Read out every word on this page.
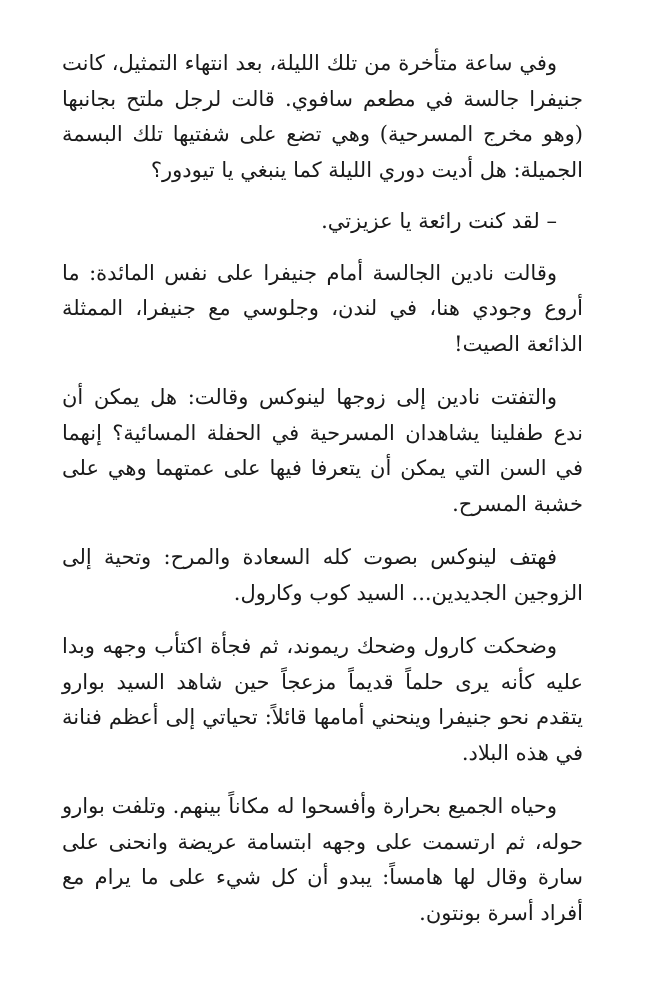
وفي ساعة متأخرة من تلك الليلة، بعد انتهاء التمثيل، كانت جنيفرا جالسة في مطعم سافوي. قالت لرجل ملتح بجانبها (وهو مخرج المسرحية) وهي تضع على شفتيها تلك البسمة الجميلة: هل أديت دوري الليلة كما ينبغي يا تيودور؟

– لقد كنت رائعة يا عزيزتي.

وقالت نادين الجالسة أمام جنيفرا على نفس المائدة: ما أروع وجودي هنا، في لندن، وجلوسي مع جنيفرا، الممثلة الذائعة الصيت!

والتفتت نادين إلى زوجها لينوكس وقالت: هل يمكن أن ندع طفلينا يشاهدان المسرحية في الحفلة المسائية؟ إنهما في السن التي يمكن أن يتعرفا فيها على عمتهما وهي على خشبة المسرح.

فهتف لينوكس بصوت كله السعادة والمرح: وتحية إلى الزوجين الجديدين... السيد كوب وكارول.

وضحكت كارول وضحك ريموند، ثم فجأة اكتأب وجهه وبدا عليه كأنه يرى حلماً قديماً مزعجاً حين شاهد السيد بوارو يتقدم نحو جنيفرا وينحني أمامها قائلاً: تحياتي إلى أعظم فنانة في هذه البلاد.

وحياه الجميع بحرارة وأفسحوا له مكاناً بينهم. وتلفت بوارو حوله، ثم ارتسمت على وجهه ابتسامة عريضة وانحنى على سارة وقال لها هامساً: يبدو أن كل شيء على ما يرام مع أفراد أسرة بونتون.
